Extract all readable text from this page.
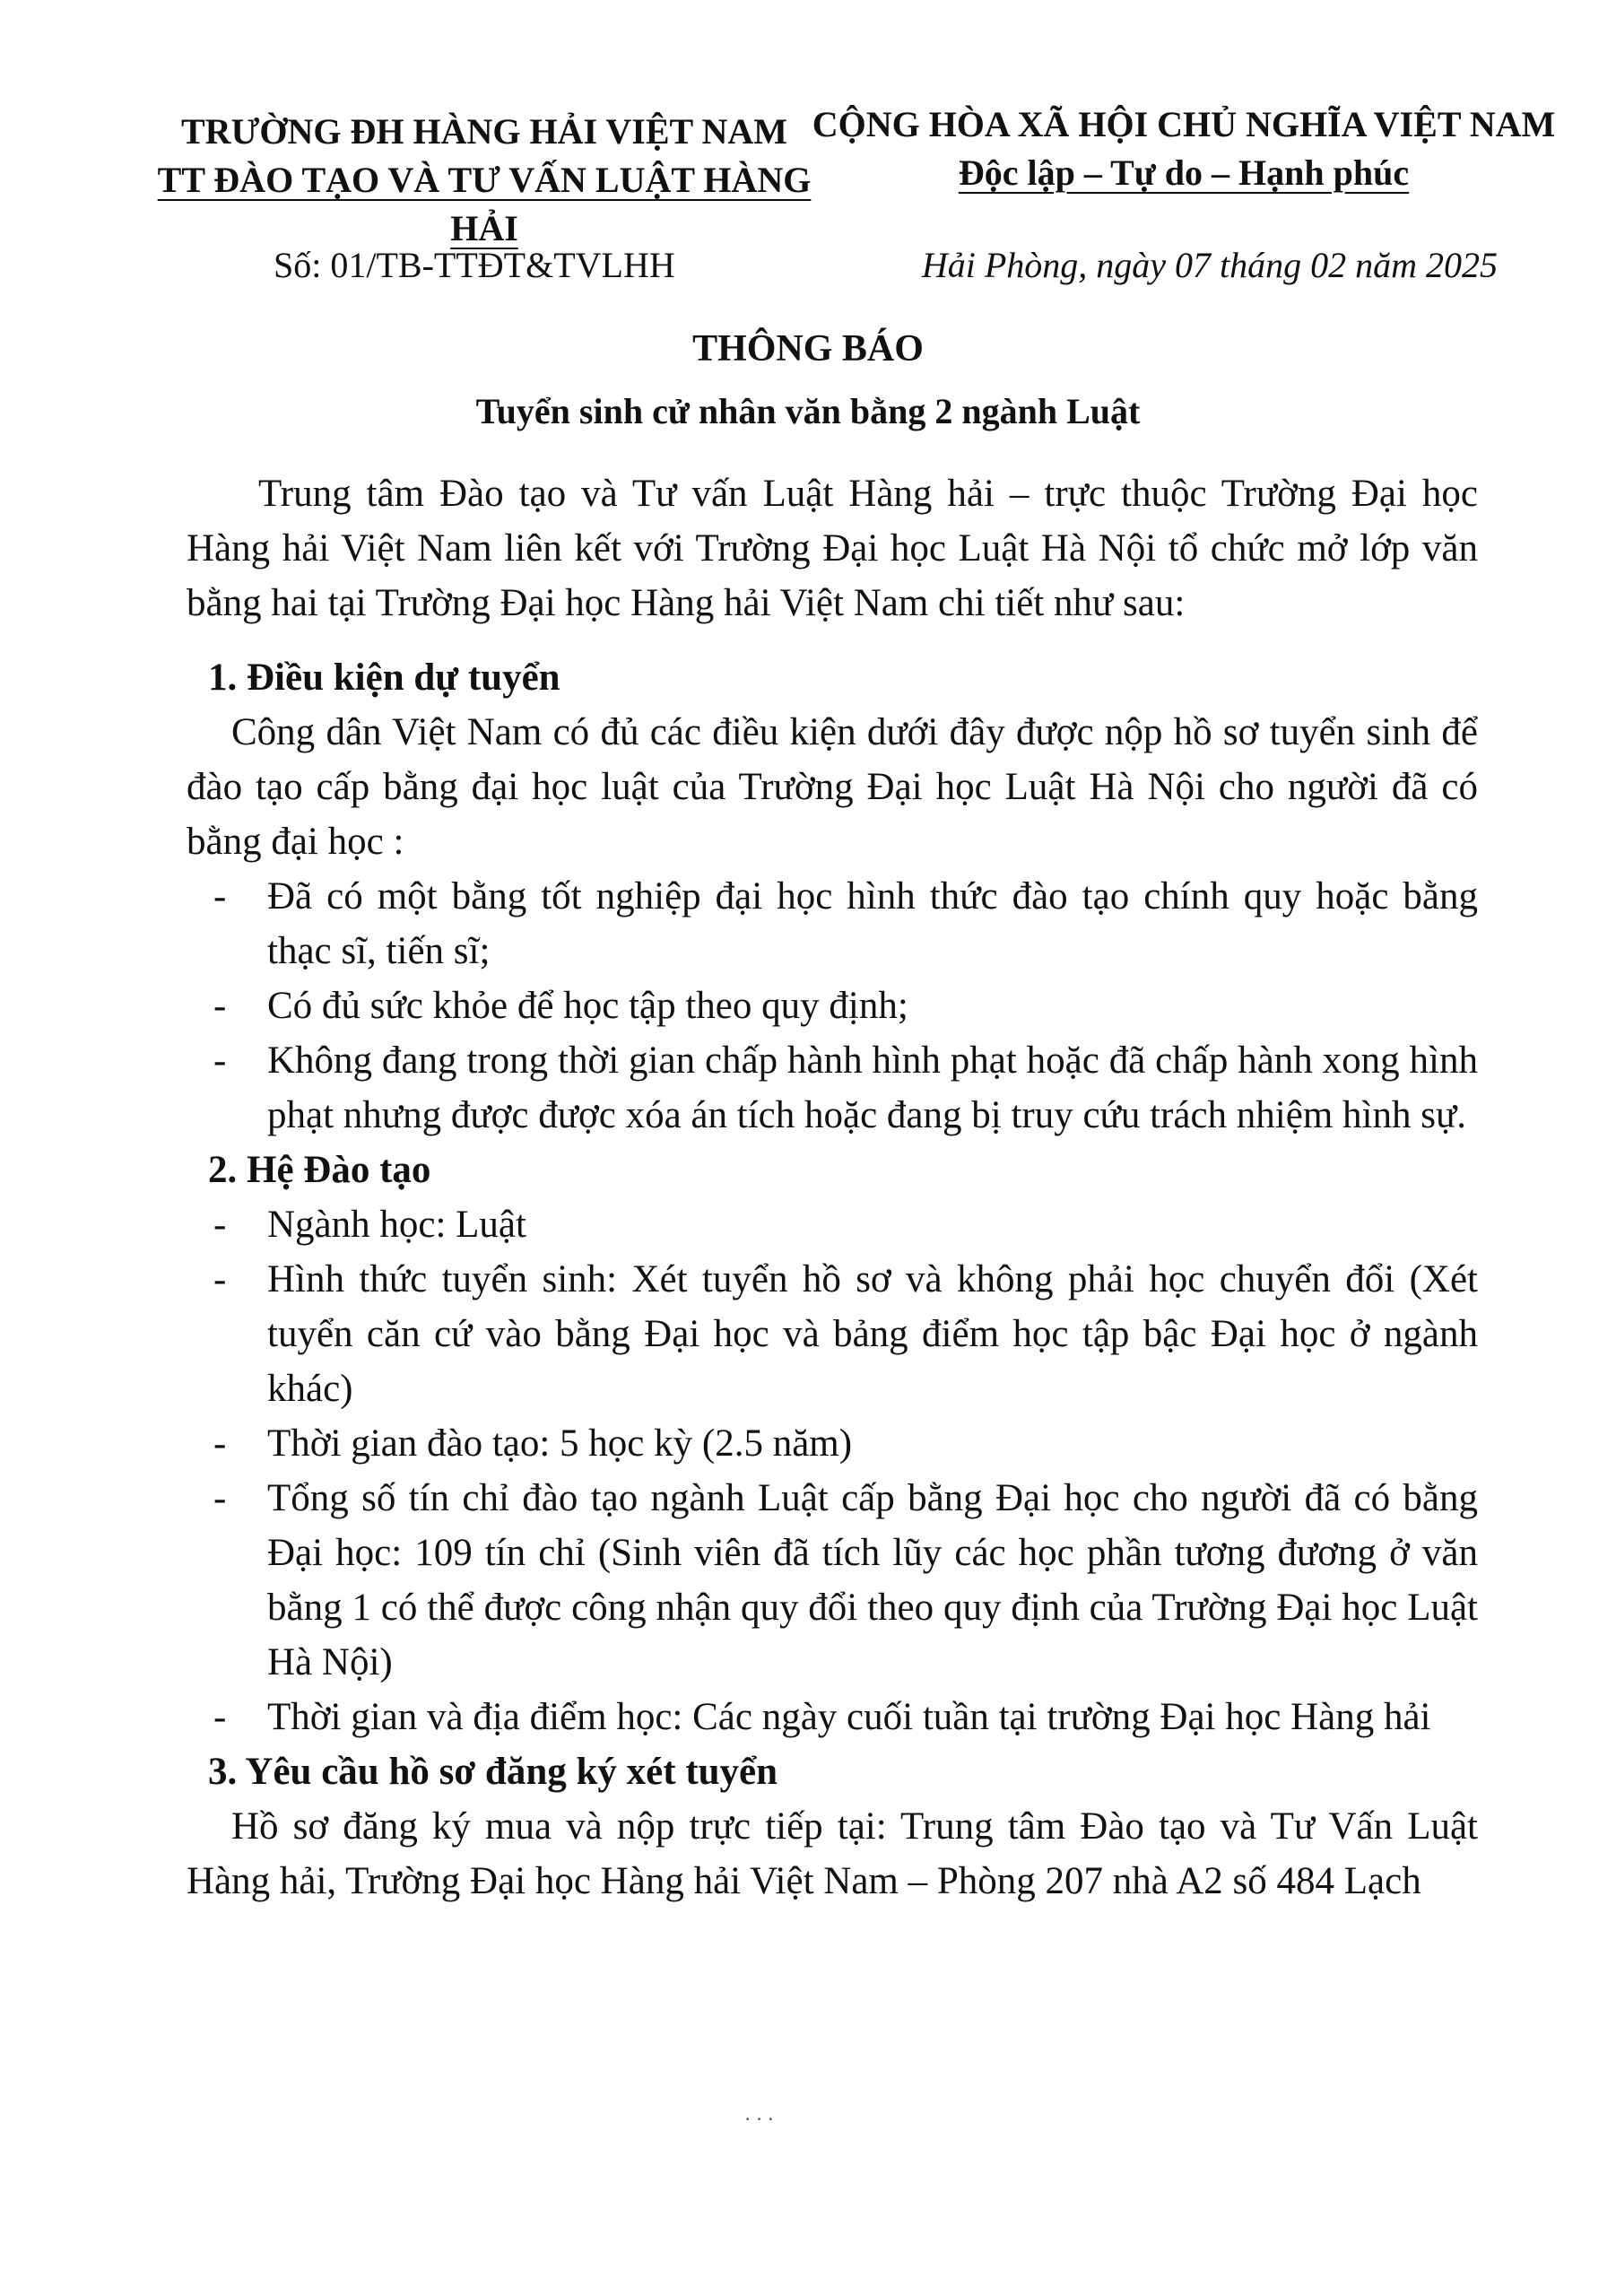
TRƯỜNG ĐH HÀNG HẢI VIỆT NAM
TT ĐÀO TẠO VÀ TƯ VẤN LUẬT HÀNG HẢI
CỘNG HÒA XÃ HỘI CHỦ NGHĨA VIỆT NAM
Độc lập – Tự do – Hạnh phúc
Số: 01/TB-TTĐT&TVLHH	Hải Phòng, ngày 07 tháng 02 năm 2025
THÔNG BÁO
Tuyển sinh cử nhân văn bằng 2 ngành Luật

Trung tâm Đào tạo và Tư vấn Luật Hàng hải – trực thuộc Trường Đại học Hàng hải Việt Nam liên kết với Trường Đại học Luật Hà Nội tổ chức mở lớp văn bằng hai tại Trường Đại học Hàng hải Việt Nam chi tiết như sau:

1. Điều kiện dự tuyển

Công dân Việt Nam có đủ các điều kiện dưới đây được nộp hồ sơ tuyển sinh để đào tạo cấp bằng đại học luật của Trường Đại học Luật Hà Nội cho người đã có bằng đại học :

- Đã có một bằng tốt nghiệp đại học hình thức đào tạo chính quy hoặc bằng thạc sĩ, tiến sĩ;
- Có đủ sức khỏe để học tập theo quy định;
- Không đang trong thời gian chấp hành hình phạt hoặc đã chấp hành xong hình phạt nhưng được được xóa án tích hoặc đang bị truy cứu trách nhiệm hình sự.
2. Hệ Đào tạo
- Ngành học: Luật
- Hình thức tuyển sinh: Xét tuyển hồ sơ và không phải học chuyển đổi (Xét tuyển căn cứ vào bằng Đại học và bảng điểm học tập bậc Đại học ở ngành khác)
- Thời gian đào tạo: 5 học kỳ (2.5 năm)
- Tổng số tín chỉ đào tạo ngành Luật cấp bằng Đại học cho người đã có bằng Đại học: 109 tín chỉ (Sinh viên đã tích lũy các học phần tương đương ở văn bằng 1 có thể được công nhận quy đổi theo quy định của Trường Đại học Luật Hà Nội)
- Thời gian và địa điểm học: Các ngày cuối tuần tại trường Đại học Hàng hải
3. Yêu cầu hồ sơ đăng ký xét tuyển

Hồ sơ đăng ký mua và nộp trực tiếp tại: Trung tâm Đào tạo và Tư Vấn Luật Hàng hải, Trường Đại học Hàng hải Việt Nam – Phòng 207 nhà A2 số 484 Lạch

· · ·
